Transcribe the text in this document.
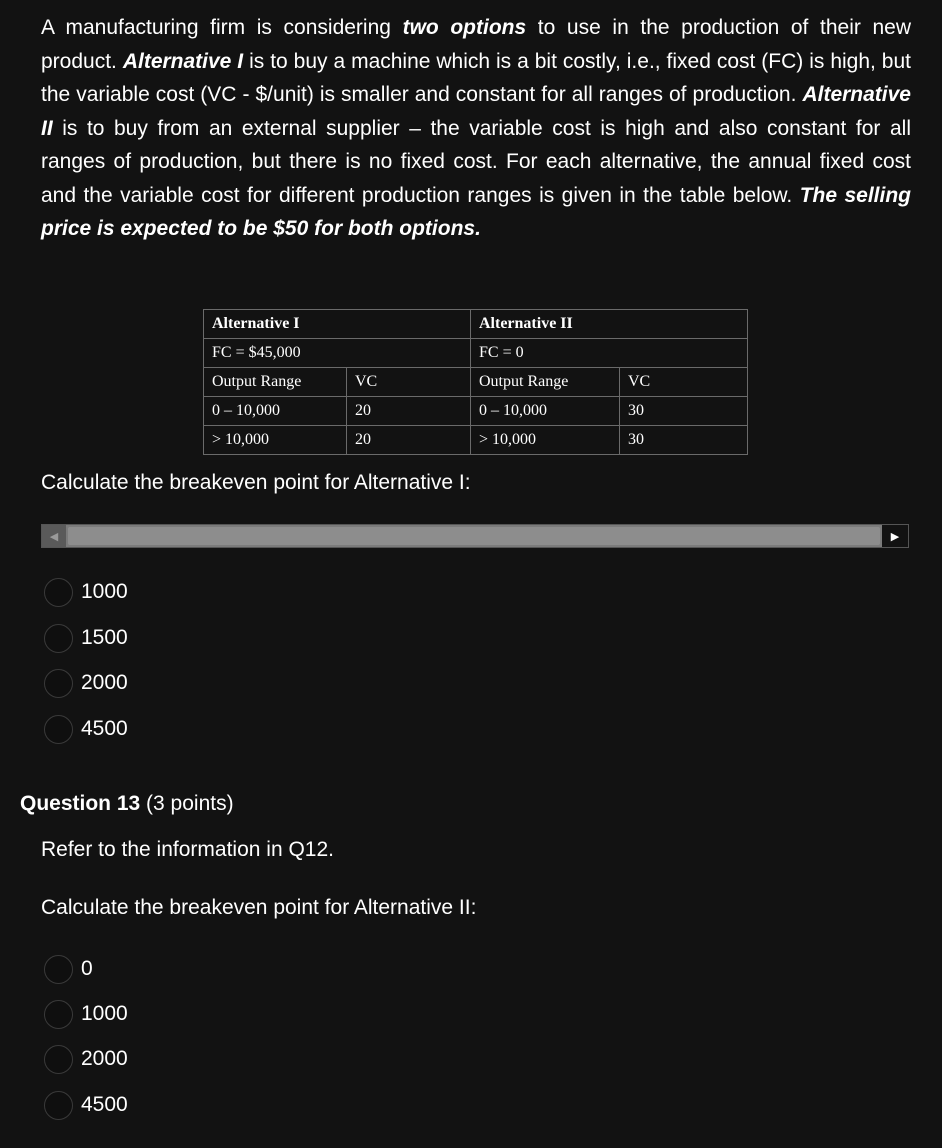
A manufacturing firm is considering two options to use in the production of their new product. Alternative I is to buy a machine which is a bit costly, i.e., fixed cost (FC) is high, but the variable cost (VC - $/unit) is smaller and constant for all ranges of production. Alternative II is to buy from an external supplier – the variable cost is high and also constant for all ranges of production, but there is no fixed cost. For each alternative, the annual fixed cost and the variable cost for different production ranges is given in the table below. The selling price is expected to be $50 for both options.

Alternative I		Alternative II	
FC = $45,000		FC = 0	
Output Range	VC	Output Range	VC
0 – 10,000	20	0 – 10,000	30
> 10,000	20	> 10,000	30
Calculate the breakeven point for Alternative I:
◀	▶
1000
1500
2000
4500
Question 13 (3 points)
Refer to the information in Q12.
Calculate the breakeven point for Alternative II:
0
1000
2000
4500
